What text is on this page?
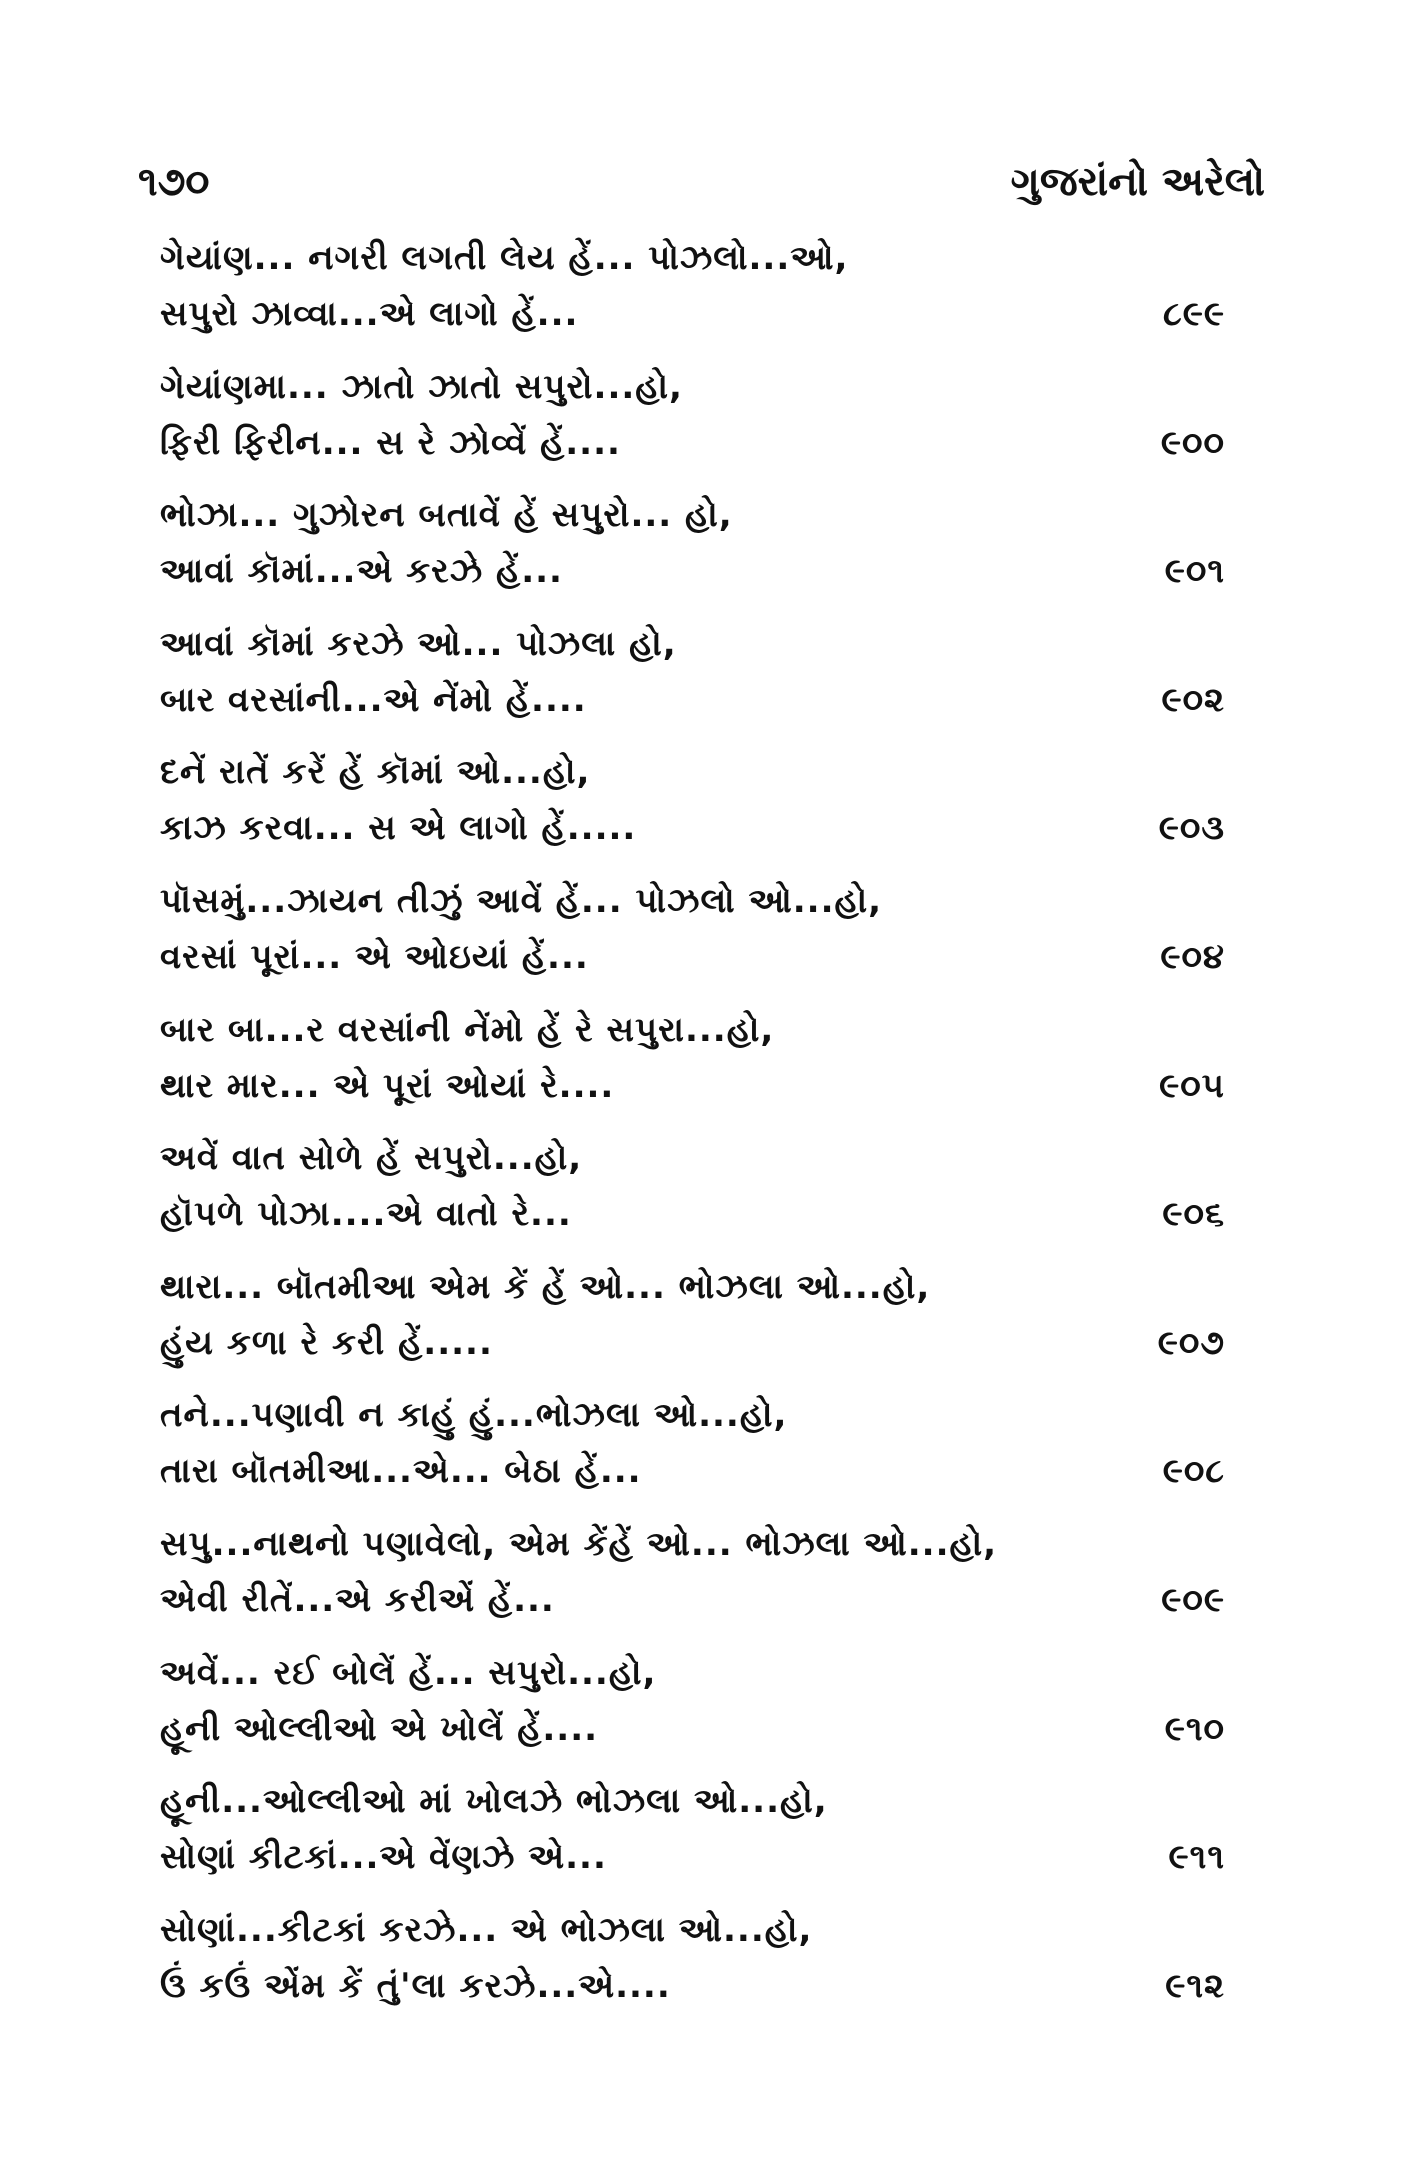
૧૭૦	ગુજરાંનો અરેલો
ગેયાંણ... નગરી લગતી લેય હેં... પોઝલો...ઓ,
સપુરો ઝાવ્વા...એ લાગો હેં...	૮૯૯
ગેયાંણમા... ઝાતો ઝાતો સપુરો...હો,
ફિરી ફિરીન... સ રે ઝોવ્વેં હેં....	૯૦૦
ભોઝા... ગુઝોરન બતાવેં હેં સપુરો... હો,
આવાં કૉમાં...એ કરઝે હેં...	૯૦૧
આવાં કૉમાં કરઝે ઓ... પોઝલા હો,
બાર વરસાંની...એ નેંમો હેં....	૯૦૨
દનેં રાતેં કરેં હેં કૉમાં ઓ...હો,
કાઝ કરવા... સ એ લાગો હેં.....	૯૦૩
પૉસમું...ઝાયન તીઝું આવેં હેં... પોઝલો ઓ...હો,
વરસાં પૂરાં... એ ઓઇયાં હેં...	૯૦૪
બાર બા...ર વરસાંની નેંમો હેં રે સપુરા...હો,
થાર માર... એ પૂરાં ઓયાં રે....	૯૦૫
અવેં વાત સોળે હેં સપુરો...હો,
હૉપળે પોઝા....એ વાતો રે...	૯૦૬
થારા... બૉતમીઆ એમ કેં હેં ઓ... ભોઝલા ઓ...હો,
હુંય કળા રે કરી હેં.....	૯૦૭
તને...પણાવી ન કાહું હું...ભોઝલા ઓ...હો,
તારા બૉતમીઆ...એ... બેઠા હેં...	૯૦૮
સપુ...નાથનો પણાવેલો, એમ કેંહેં ઓ... ભોઝલા ઓ...હો,
એવી રીતેં...એ કરીએં હેં...	૯૦૯
અવેં... રઈ બોલેં હેં... સપુરો...હો,
હૂની ઓલ્લીઓ એ ખોલેં હેં....	૯૧૦
હૂની...ઓલ્લીઓ માં ખોલઝે ભોઝલા ઓ...હો,
સોણાં કીટકાં...એ વેંણઝે એ...	૯૧૧
સોણાં...કીટકાં કરઝે... એ ભોઝલા ઓ...હો,
ઉં કઉં એંમ કેં તું'લા કરઝે...એ....	૯૧૨
